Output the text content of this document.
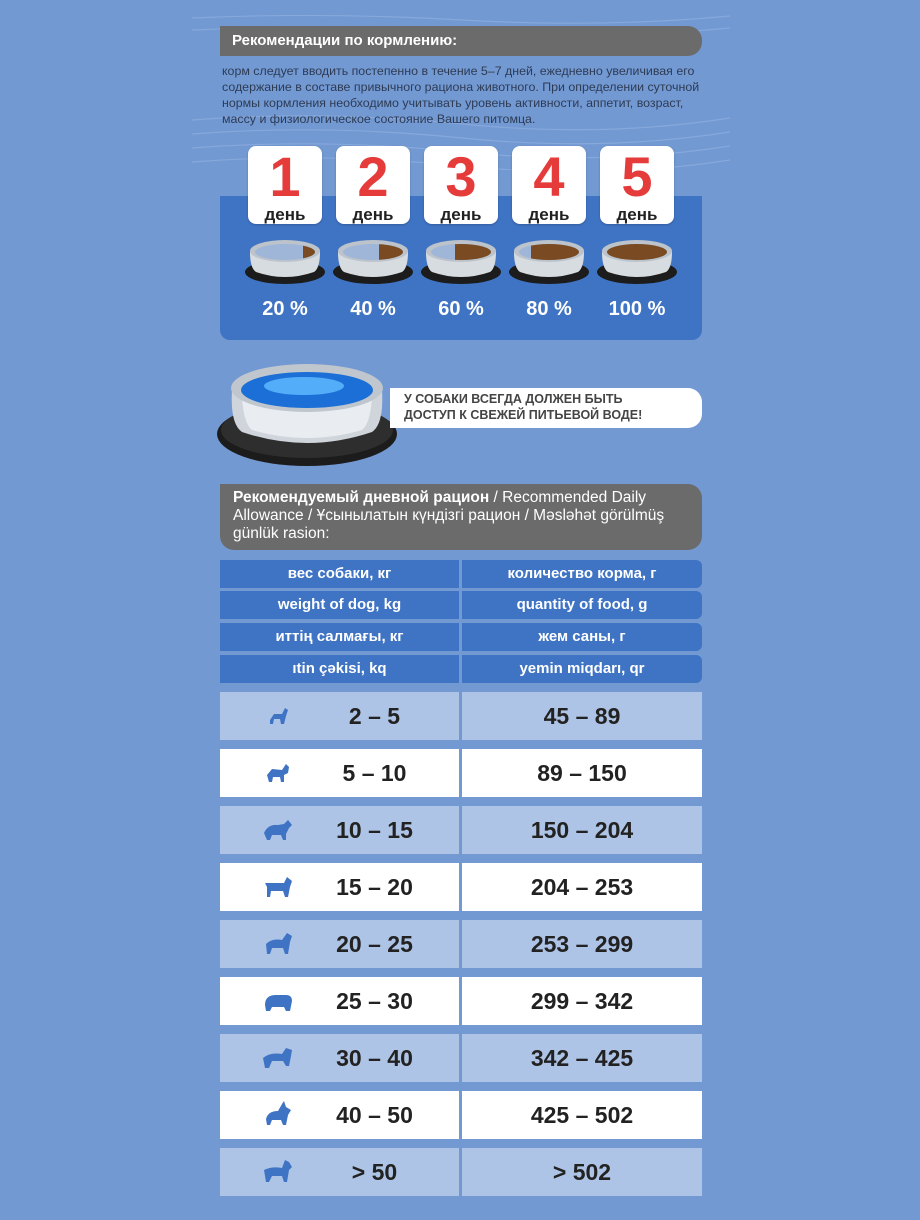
Рекомендации по кормлению:
корм следует вводить постепенно в течение 5–7 дней, ежедневно увеличивая его
содержание в составе привычного рациона животного. При определении суточной
нормы кормления необходимо учитывать уровень активности, аппетит, возраст,
массу и физиологическое состояние Вашего питомца.
1
день
20 %
2
день
40 %
3
день
60 %
4
день
80 %
5
день
100 %
У СОБАКИ ВСЕГДА ДОЛЖЕН БЫТЬ
ДОСТУП К СВЕЖЕЙ ПИТЬЕВОЙ ВОДЕ!
Рекомендуемый дневной рацион / Recommended Daily
Allowance / Ұсынылатын күндізгі рацион / Məsləhət görülmüş
günlük rasion:
вес собаки, кг	количество корма, г
weight of dog, kg	quantity of food, g
иттің салмағы, кг	жем саны, г
ıtin çəkisi, kq	yemin miqdarı, qr
2 – 5	45 – 89
5 – 10	89 – 150
10 – 15	150 – 204
15 – 20	204 – 253
20 – 25	253 – 299
25 – 30	299 – 342
30 – 40	342 – 425
40 – 50	425 – 502
> 50	> 502
